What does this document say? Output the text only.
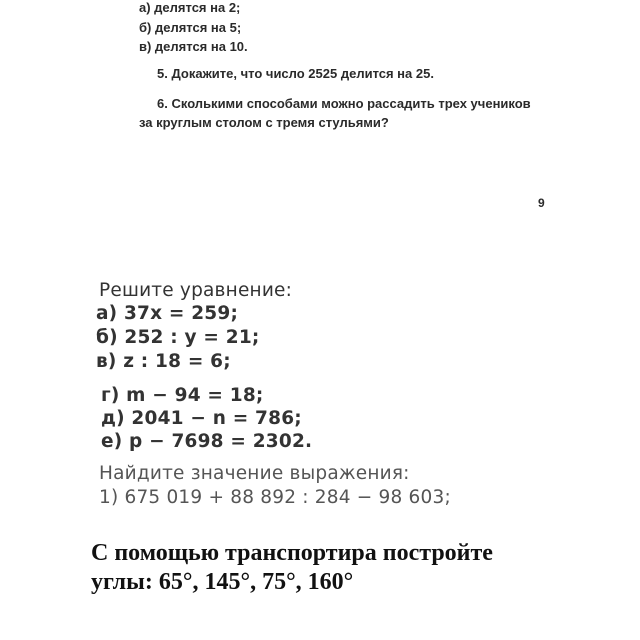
а) делятся на 2;
б) делятся на 5;
в) делятся на 10.
5. Докажите, что число 2525 делится на 25.
6. Сколькими способами можно рассадить трех учеников
за круглым столом с тремя стульями?
9
Решите уравнение:
а) 37x = 259;
б) 252 : y = 21;
в) z : 18 = 6;
г) m − 94 = 18;
д) 2041 − n = 786;
е) p − 7698 = 2302.
Найдите значение выражения:
1) 675 019 + 88 892 : 284 − 98 603;
С помощью транспортира постройте
углы: 65°, 145°, 75°, 160°
